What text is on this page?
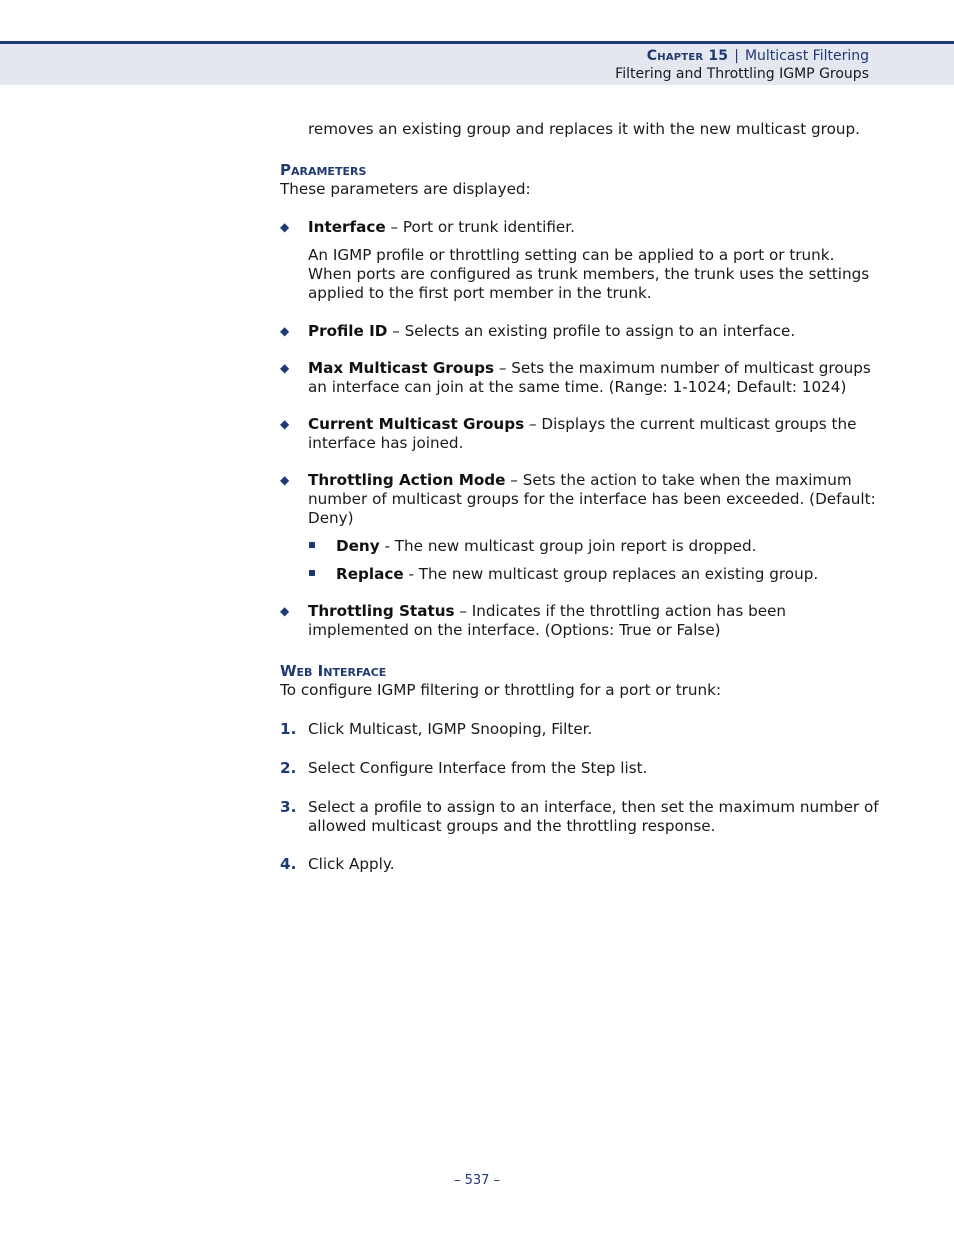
Chapter 15 | Multicast Filtering
Filtering and Throttling IGMP Groups

removes an existing group and replaces it with the new multicast group.

Parameters

These parameters are displayed:

◆ Interface – Port or trunk identifier.

An IGMP profile or throttling setting can be applied to a port or trunk. When ports are configured as trunk members, the trunk uses the settings applied to the first port member in the trunk.

◆ Profile ID – Selects an existing profile to assign to an interface.
◆ Max Multicast Groups – Sets the maximum number of multicast groups an interface can join at the same time. (Range: 1-1024; Default: 1024)
◆ Current Multicast Groups – Displays the current multicast groups the interface has joined.
◆ Throttling Action Mode – Sets the action to take when the maximum number of multicast groups for the interface has been exceeded. (Default: Deny)
Deny - The new multicast group join report is dropped.
Replace - The new multicast group replaces an existing group.
◆ Throttling Status – Indicates if the throttling action has been implemented on the interface. (Options: True or False)

Web Interface

To configure IGMP filtering or throttling for a port or trunk:

1. Click Multicast, IGMP Snooping, Filter.
2. Select Configure Interface from the Step list.
3. Select a profile to assign to an interface, then set the maximum number of allowed multicast groups and the throttling response.
4. Click Apply.
– 537 –
